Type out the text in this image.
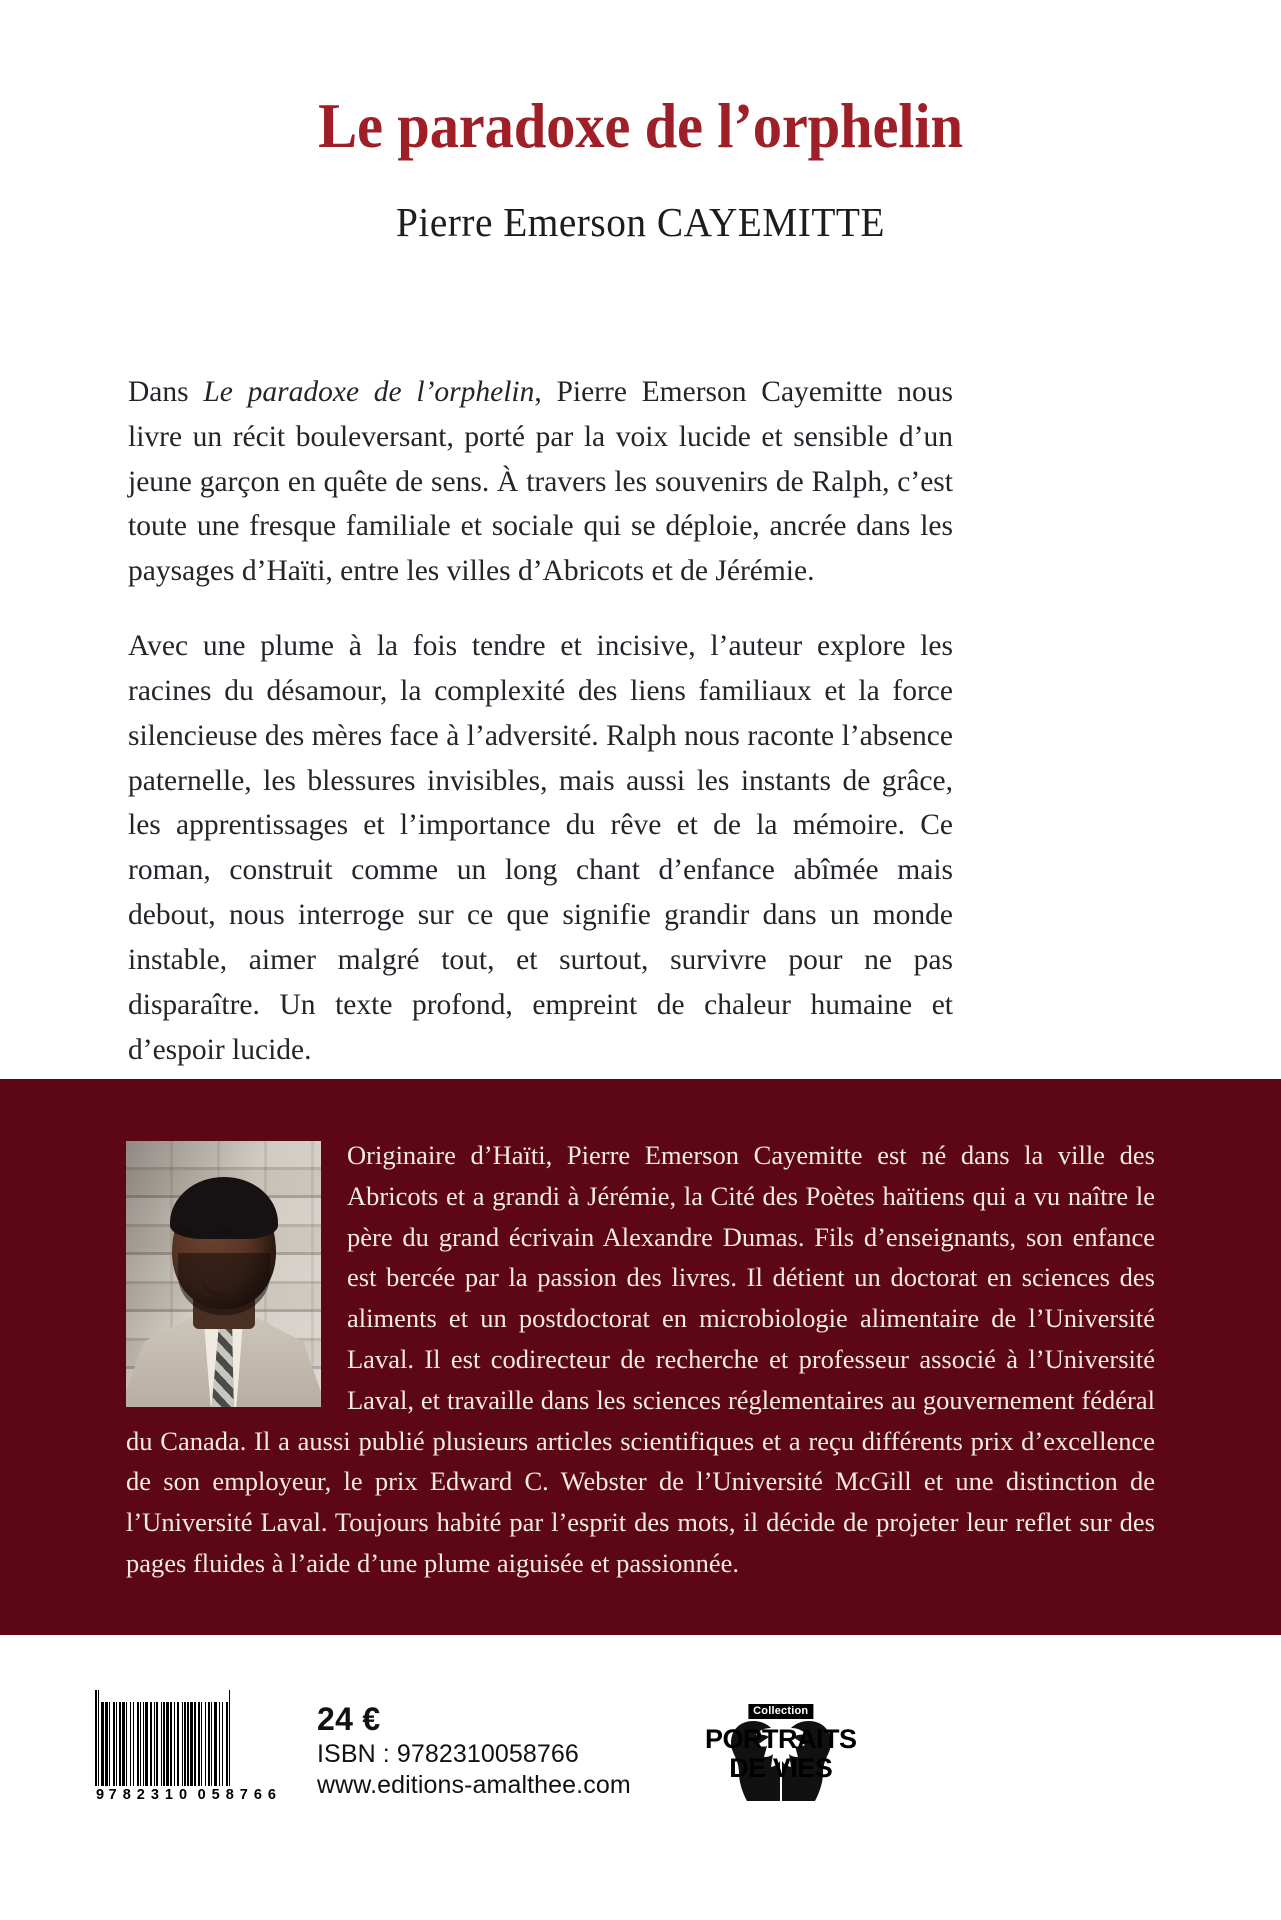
Le paradoxe de l’orphelin
Pierre Emerson CAYEMITTE

Dans Le paradoxe de l’orphelin, Pierre Emerson Cayemitte nous livre un récit bouleversant, porté par la voix lucide et sensible d’un jeune garçon en quête de sens. À travers les souvenirs de Ralph, c’est toute une fresque familiale et sociale qui se déploie, ancrée dans les paysages d’Haïti, entre les villes d’Abricots et de Jérémie.

Avec une plume à la fois tendre et incisive, l’auteur explore les racines du désamour, la complexité des liens familiaux et la force silencieuse des mères face à l’adversité. Ralph nous raconte l’absence paternelle, les blessures invisibles, mais aussi les instants de grâce, les apprentissages et l’importance du rêve et de la mémoire. Ce roman, construit comme un long chant d’enfance abîmée mais debout, nous interroge sur ce que signifie grandir dans un monde instable, aimer malgré tout, et surtout, survivre pour ne pas disparaître. Un texte profond, empreint de chaleur humaine et d’espoir lucide.

Originaire d’Haïti, Pierre Emerson Cayemitte est né dans la ville des Abricots et a grandi à Jérémie, la Cité des Poètes haïtiens qui a vu naître le père du grand écrivain Alexandre Dumas. Fils d’enseignants, son enfance est bercée par la passion des livres. Il détient un doctorat en sciences des aliments et un postdoctorat en microbiologie alimentaire de l’Université Laval. Il est codirecteur de recherche et professeur associé à l’Université Laval, et travaille dans les sciences réglementaires au gouvernement fédéral du Canada. Il a aussi publié plusieurs articles scientifiques et a reçu différents prix d’excellence de son employeur, le prix Edward C. Webster de l’Université McGill et une distinction de l’Université Laval. Toujours habité par l’esprit des mots, il décide de projeter leur reflet sur des pages fluides à l’aide d’une plume aiguisée et passionnée.

9 782310 058766
24 €
ISBN : 9782310058766
www.editions-amalthee.com
Collection
PORTRAITS
DE VIES
